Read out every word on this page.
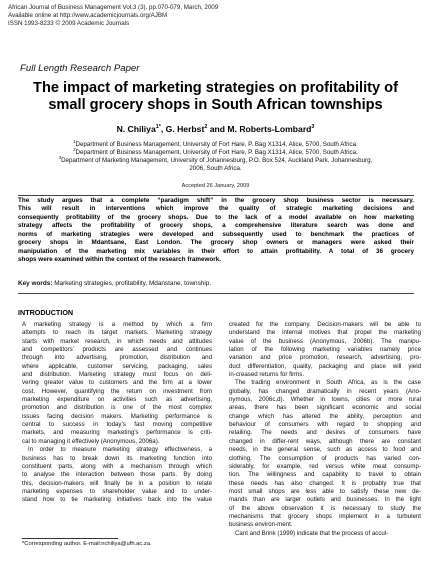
African Journal of Business Management Vol.3 (3), pp.070-079, March, 2009
Available online at http://www.academicjournals.org/AJBM
ISSN 1993-8233 © 2009 Academic Journals
Full Length Research Paper
The impact of marketing strategies on profitability of
small grocery shops in South African townships
N. Chiliya$^{1*}$, G. Herbst$^2$ and M. Roberts-Lombard$^3$
$^1$Department of Business Management, University of Fort Hare, P. Bag X1314, Alice, 5700, South Africa.
$^2$Department of Business Management, University of Fort Hare, P. Bag X1314, Alice, 5700, South Africa.
$^3$Department of Marketing Management, University of Johannesburg, P.O. Box 524, Auckland Park, Johannesburg,
2006, South Africa.
Accepted 26 January, 2009
The study argues that a complete “paradigm shift” in the grocery shop business sector is necessary.
This will result in interventions which improve the quality of strategic marketing decisions and
consequently profitability of the grocery shops. Due to the lack of a model available on how marketing
strategy affects the profitability of grocery shops, a comprehensive literature search was done and
norms of marketing strategies were developed and subsequently used to benchmark the practices of
grocery shops in Mdantsane, East London. The grocery shop owners or managers were asked their
manipulation of the marketing mix variables in their effort to attain profitability. A total of 36 grocery
shops were examined within the context of the research framework.
Key words: Marketing strategies, profitability, Mdanstane, township.
INTRODUCTION
A marketing strategy is a method by which a firm
attempts to reach its target markets. Marketing strategy
starts with market research, in which needs and attitudes
and competitors’ products are assessed and continues
through into advertising, promotion, distribution and
where applicable, customer servicing, packaging, sales
and distribution. Marketing strategy must focus on deli-
vering greater value to customers and the firm at a lower
cost. However, quantifying the return on investment from
marketing expenditure on activities such as advertising,
promotion and distribution is one of the most complex
issues facing decision makers. Marketing performance is
central to success in today’s fast moving competitive
markets, and measuring marketing’s performance is criti-
cal to managing it effectively (Anonymous, 2006a).
In order to measure marketing strategy effectiveness, a
business has to break down its marketing function into
constituent parts, along with a mechanism through which
to analyse the interaction between those parts. By doing
this, decision-makers will finally be in a position to relate
marketing expenses to shareholder value and to under-
stand how to tie marketing initiatives back into the value
created for the company. Decision-makers will be able to
understand the internal motives that propel the marketing
value of the business (Anonymous, 2006b). The manipu-
lation of the following marketing variables namely price
variation and price promotion, research, advertising, pro-
duct differentiation, quality, packaging and place will yield
in-creased returns for firms.
The trading environment in South Africa, as is the case
globally, has changed dramatically in recent years (Ano-
nymous, 2006c,d). Whether in towns, cities or more rural
areas, there has been significant economic and social
change which has altered the ability, perception and
behaviour of consumers with regard to shopping and
retailing. The needs and desires of consumers have
changed in differ-rent ways, although there are constant
needs, in the general sense, such as access to food and
clothing. The consumption of products has varied con-
siderably, for example, red versus white meat consump-
tion. The willingness and capability to travel to obtain
these needs has also changed. It is probably true that
most small shops are less able to satisfy these new de-
mands than are larger outlets and businesses. In the light
of the above observation it is necessary to study the
mechanisms that grocery shops implement in a turbulent
business environ-ment.
Cant and Brink (1999) indicate that the process of accul-
*Corresponding author. E-mail:nchiliya@ufh.ac.za.
